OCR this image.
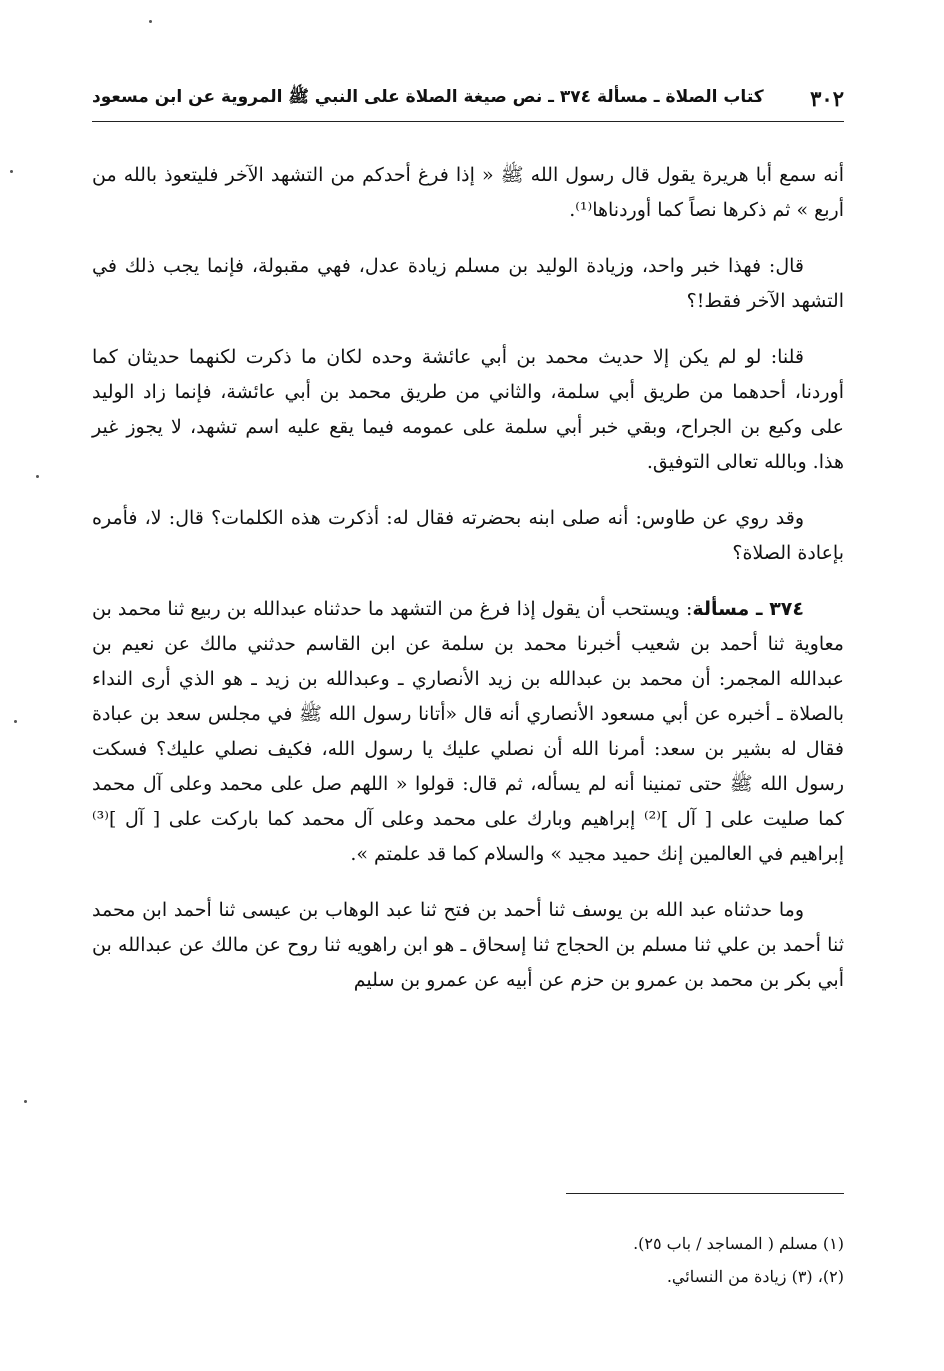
٣٠٢
كتاب الصلاة ـ مسألة ٣٧٤ ـ نص صيغة الصلاة على النبي ﷺ المروية عن ابن مسعود

أنه سمع أبا هريرة يقول قال رسول الله ﷺ « إذا فرغ أحدكم من التشهد الآخر فليتعوذ بالله من أربع » ثم ذكرها نصاً كما أوردناها⁽¹⁾.

قال: فهذا خبر واحد، وزيادة الوليد بن مسلم زيادة عدل، فهي مقبولة، فإنما يجب ذلك في التشهد الآخر فقط!؟

قلنا: لو لم يكن إلا حديث محمد بن أبي عائشة وحده لكان ما ذكرت لكنهما حديثان كما أوردنا، أحدهما من طريق أبي سلمة، والثاني من طريق محمد بن أبي عائشة، فإنما زاد الوليد على وكيع بن الجراح، وبقي خبر أبي سلمة على عمومه فيما يقع عليه اسم تشهد، لا يجوز غير هذا. وبالله تعالى التوفيق.

وقد روي عن طاوس: أنه صلى ابنه بحضرته فقال له: أذكرت هذه الكلمات؟ قال: لا، فأمره بإعادة الصلاة؟

٣٧٤ ـ مسألة: ويستحب أن يقول إذا فرغ من التشهد ما حدثناه عبدالله بن ربيع ثنا محمد بن معاوية ثنا أحمد بن شعيب أخبرنا محمد بن سلمة عن ابن القاسم حدثني مالك عن نعيم بن عبدالله المجمر: أن محمد بن عبدالله بن زيد الأنصاري ـ وعبدالله بن زيد ـ هو الذي أرى النداء بالصلاة ـ أخبره عن أبي مسعود الأنصاري أنه قال «أتانا رسول الله ﷺ في مجلس سعد بن عبادة فقال له بشير بن سعد: أمرنا الله أن نصلي عليك يا رسول الله، فكيف نصلي عليك؟ فسكت رسول الله ﷺ حتى تمنينا أنه لم يسأله، ثم قال: قولوا « اللهم صل على محمد وعلى آل محمد كما صليت على [ آل ]⁽²⁾ إبراهيم وبارك على محمد وعلى آل محمد كما باركت على [ آل ]⁽³⁾ إبراهيم في العالمين إنك حميد مجيد » والسلام كما قد علمتم ».

وما حدثناه عبد الله بن يوسف ثنا أحمد بن فتح ثنا عبد الوهاب بن عيسى ثنا أحمد ابن محمد ثنا أحمد بن علي ثنا مسلم بن الحجاج ثنا إسحاق ـ هو ابن راهويه ثنا روح عن مالك عن عبدالله بن أبي بكر بن محمد بن عمرو بن حزم عن أبيه عن عمرو بن سليم

(١) مسلم ( المساجد / باب ٢٥).

(٢)، (٣) زيادة من النسائي.
